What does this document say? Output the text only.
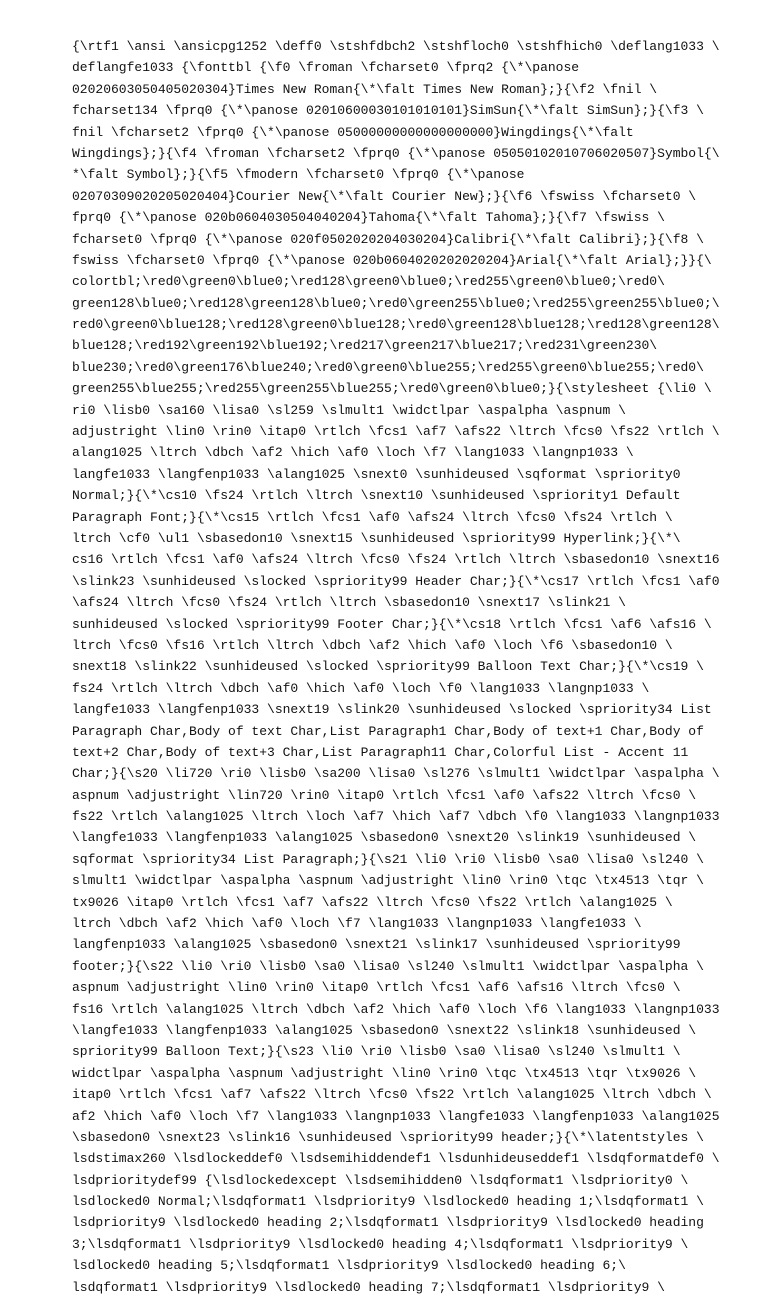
{\rtf1 \ansi \ansicpg1252 \deff0 \stshfdbch2 \stshfloch0 \stshfhich0 \deflang1033 \
deflangfe1033 {\fonttbl {\f0 \froman \fcharset0 \fprq2 {\*\panose
02020603050405020304}Times New Roman{\*\falt Times New Roman};}{\f2 \fnil \
fcharset134 \fprq0 {\*\panose 02010600030101010101}SimSun{\*\falt SimSun};}{\f3 \
fnil \fcharset2 \fprq0 {\*\panose 05000000000000000000}Wingdings{\*\falt
Wingdings};}{\f4 \froman \fcharset2 \fprq0 {\*\panose 05050102010706020507}Symbol{\
*\falt Symbol};}{\f5 \fmodern \fcharset0 \fprq0 {\*\panose
02070309020205020404}Courier New{\*\falt Courier New};}{\f6 \fswiss \fcharset0 \
fprq0 {\*\panose 020b0604030504040204}Tahoma{\*\falt Tahoma};}{\f7 \fswiss \
fcharset0 \fprq0 {\*\panose 020f0502020204030204}Calibri{\*\falt Calibri};}{\f8 \
fswiss \fcharset0 \fprq0 {\*\panose 020b0604020202020204}Arial{\*\falt Arial};}}{\
colortbl;\red0\green0\blue0;\red128\green0\blue0;\red255\green0\blue0;\red0\
green128\blue0;\red128\green128\blue0;\red0\green255\blue0;\red255\green255\blue0;\
red0\green0\blue128;\red128\green0\blue128;\red0\green128\blue128;\red128\green128\
blue128;\red192\green192\blue192;\red217\green217\blue217;\red231\green230\
blue230;\red0\green176\blue240;\red0\green0\blue255;\red255\green0\blue255;\red0\
green255\blue255;\red255\green255\blue255;\red0\green0\blue0;}{\stylesheet {\li0 \
ri0 \lisb0 \sa160 \lisa0 \sl259 \slmult1 \widctlpar \aspalpha \aspnum \
adjustright \lin0 \rin0 \itap0 \rtlch \fcs1 \af7 \afs22 \ltrch \fcs0 \fs22 \rtlch \
alang1025 \ltrch \dbch \af2 \hich \af0 \loch \f7 \lang1033 \langnp1033 \
langfe1033 \langfenp1033 \alang1025 \snext0 \sunhideused \sqformat \spriority0
Normal;}{\*\cs10 \fs24 \rtlch \ltrch \snext10 \sunhideused \spriority1 Default
Paragraph Font;}{\*\cs15 \rtlch \fcs1 \af0 \afs24 \ltrch \fcs0 \fs24 \rtlch \
ltrch \cf0 \ul1 \sbasedon10 \snext15 \sunhideused \spriority99 Hyperlink;}{\*\
cs16 \rtlch \fcs1 \af0 \afs24 \ltrch \fcs0 \fs24 \rtlch \ltrch \sbasedon10 \snext16
\slink23 \sunhideused \slocked \spriority99 Header Char;}{\*\cs17 \rtlch \fcs1 \af0
\afs24 \ltrch \fcs0 \fs24 \rtlch \ltrch \sbasedon10 \snext17 \slink21 \
sunhideused \slocked \spriority99 Footer Char;}{\*\cs18 \rtlch \fcs1 \af6 \afs16 \
ltrch \fcs0 \fs16 \rtlch \ltrch \dbch \af2 \hich \af0 \loch \f6 \sbasedon10 \
snext18 \slink22 \sunhideused \slocked \spriority99 Balloon Text Char;}{\*\cs19 \
fs24 \rtlch \ltrch \dbch \af0 \hich \af0 \loch \f0 \lang1033 \langnp1033 \
langfe1033 \langfenp1033 \snext19 \slink20 \sunhideused \slocked \spriority34 List
Paragraph Char,Body of text Char,List Paragraph1 Char,Body of text+1 Char,Body of
text+2 Char,Body of text+3 Char,List Paragraph11 Char,Colorful List - Accent 11
Char;}{\s20 \li720 \ri0 \lisb0 \sa200 \lisa0 \sl276 \slmult1 \widctlpar \aspalpha \
aspnum \adjustright \lin720 \rin0 \itap0 \rtlch \fcs1 \af0 \afs22 \ltrch \fcs0 \
fs22 \rtlch \alang1025 \ltrch \loch \af7 \hich \af7 \dbch \f0 \lang1033 \langnp1033
\langfe1033 \langfenp1033 \alang1025 \sbasedon0 \snext20 \slink19 \sunhideused \
sqformat \spriority34 List Paragraph;}{\s21 \li0 \ri0 \lisb0 \sa0 \lisa0 \sl240 \
slmult1 \widctlpar \aspalpha \aspnum \adjustright \lin0 \rin0 \tqc \tx4513 \tqr \
tx9026 \itap0 \rtlch \fcs1 \af7 \afs22 \ltrch \fcs0 \fs22 \rtlch \alang1025 \
ltrch \dbch \af2 \hich \af0 \loch \f7 \lang1033 \langnp1033 \langfe1033 \
langfenp1033 \alang1025 \sbasedon0 \snext21 \slink17 \sunhideused \spriority99
footer;}{\s22 \li0 \ri0 \lisb0 \sa0 \lisa0 \sl240 \slmult1 \widctlpar \aspalpha \
aspnum \adjustright \lin0 \rin0 \itap0 \rtlch \fcs1 \af6 \afs16 \ltrch \fcs0 \
fs16 \rtlch \alang1025 \ltrch \dbch \af2 \hich \af0 \loch \f6 \lang1033 \langnp1033
\langfe1033 \langfenp1033 \alang1025 \sbasedon0 \snext22 \slink18 \sunhideused \
spriority99 Balloon Text;}{\s23 \li0 \ri0 \lisb0 \sa0 \lisa0 \sl240 \slmult1 \
widctlpar \aspalpha \aspnum \adjustright \lin0 \rin0 \tqc \tx4513 \tqr \tx9026 \
itap0 \rtlch \fcs1 \af7 \afs22 \ltrch \fcs0 \fs22 \rtlch \alang1025 \ltrch \dbch \
af2 \hich \af0 \loch \f7 \lang1033 \langnp1033 \langfe1033 \langfenp1033 \alang1025
\sbasedon0 \snext23 \slink16 \sunhideused \spriority99 header;}{\*\latentstyles \
lsdstimax260 \lsdlockeddef0 \lsdsemihiddendef1 \lsdunhideuseddef1 \lsdqformatdef0 \
lsdprioritydef99 {\lsdlockedexcept \lsdsemihidden0 \lsdqformat1 \lsdpriority0 \
lsdlocked0 Normal;\lsdqformat1 \lsdpriority9 \lsdlocked0 heading 1;\lsdqformat1 \
lsdpriority9 \lsdlocked0 heading 2;\lsdqformat1 \lsdpriority9 \lsdlocked0 heading
3;\lsdqformat1 \lsdpriority9 \lsdlocked0 heading 4;\lsdqformat1 \lsdpriority9 \
lsdlocked0 heading 5;\lsdqformat1 \lsdpriority9 \lsdlocked0 heading 6;\
lsdqformat1 \lsdpriority9 \lsdlocked0 heading 7;\lsdqformat1 \lsdpriority9 \
